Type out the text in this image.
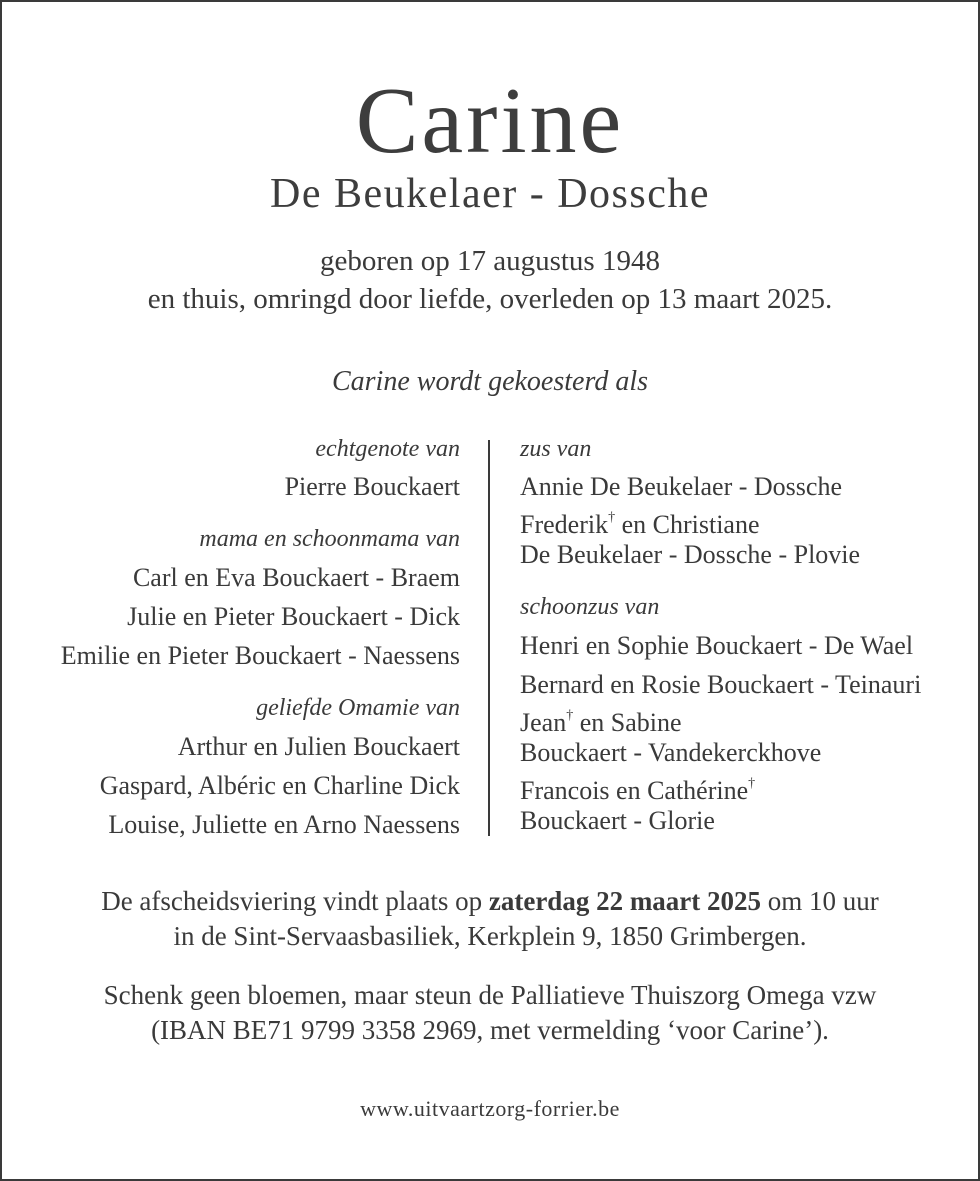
Carine
De Beukelaer - Dossche
geboren op 17 augustus 1948
en thuis, omringd door liefde, overleden op 13 maart 2025.
Carine wordt gekoesterd als
echtgenote van
Pierre Bouckaert
mama en schoonmama van
Carl en Eva Bouckaert - Braem
Julie en Pieter Bouckaert - Dick
Emilie en Pieter Bouckaert - Naessens
geliefde Omamie van
Arthur en Julien Bouckaert
Gaspard, Albéric en Charline Dick
Louise, Juliette en Arno Naessens
zus van
Annie De Beukelaer - Dossche
Frederik† en Christiane
De Beukelaer - Dossche - Plovie
schoonzus van
Henri en Sophie Bouckaert - De Wael
Bernard en Rosie Bouckaert - Teinauri
Jean† en Sabine
Bouckaert - Vandekerckhove
Francois en Cathérine†
Bouckaert - Glorie
De afscheidsviering vindt plaats op zaterdag 22 maart 2025 om 10 uur
in de Sint-Servaasbasiliek, Kerkplein 9, 1850 Grimbergen.
Schenk geen bloemen, maar steun de Palliatieve Thuiszorg Omega vzw
(IBAN BE71 9799 3358 2969, met vermelding ‘voor Carine’).
www.uitvaartzorg-forrier.be
